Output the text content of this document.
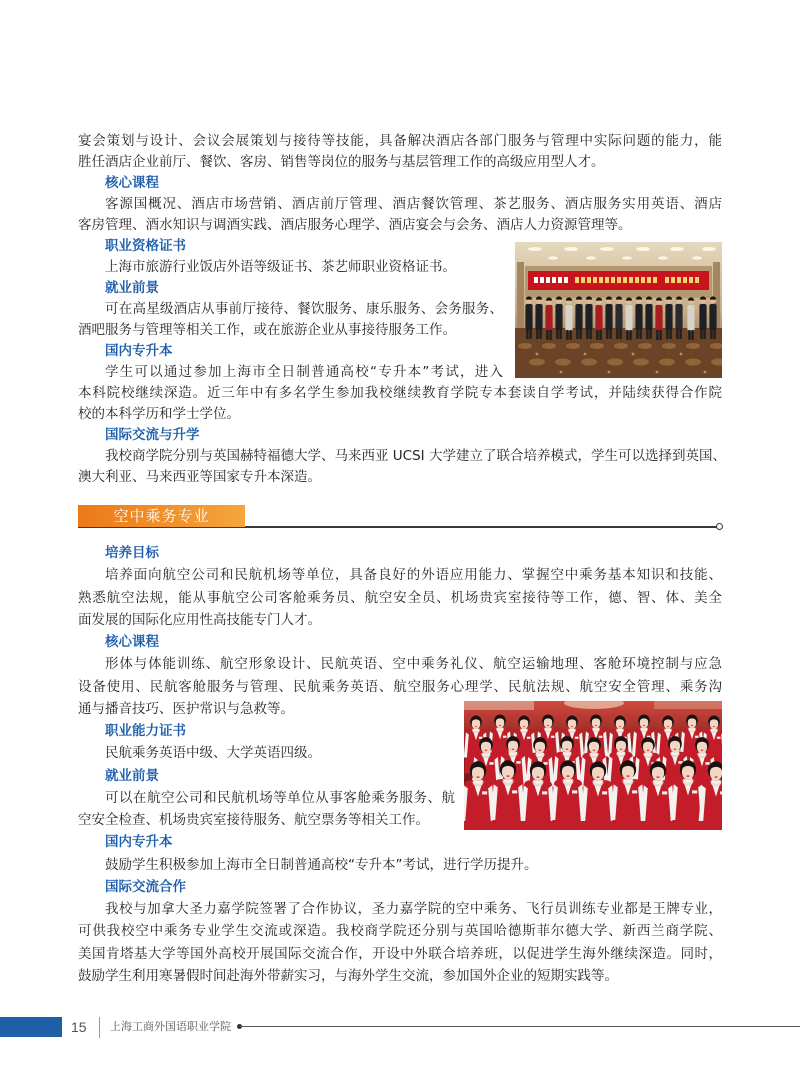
宴会策划与设计、会议会展策划与接待等技能，具备解决酒店各部门服务与管理中实际问题的能力，能
胜任酒店企业前厅、餐饮、客房、销售等岗位的服务与基层管理工作的高级应用型人才。
核心课程
客源国概况、酒店市场营销、酒店前厅管理、酒店餐饮管理、茶艺服务、酒店服务实用英语、酒店
客房管理、酒水知识与调酒实践、酒店服务心理学、酒店宴会与会务、酒店人力资源管理等。
职业资格证书
上海市旅游行业饭店外语等级证书、茶艺师职业资格证书。
就业前景
可在高星级酒店从事前厅接待、餐饮服务、康乐服务、会务服务、
酒吧服务与管理等相关工作，或在旅游企业从事接待服务工作。
国内专升本
学生可以通过参加上海市全日制普通高校“专升本”考试，进入
本科院校继续深造。近三年中有多名学生参加我校继续教育学院专本套读自学考试，并陆续获得合作院
校的本科学历和学士学位。
国际交流与升学
我校商学院分别与英国赫特福德大学、马来西亚 UCSI 大学建立了联合培养模式，学生可以选择到英国、
澳大利亚、马来西亚等国家专升本深造。
空中乘务专业
培养目标
培养面向航空公司和民航机场等单位，具备良好的外语应用能力、掌握空中乘务基本知识和技能、
熟悉航空法规，能从事航空公司客舱乘务员、航空安全员、机场贵宾室接待等工作，德、智、体、美全
面发展的国际化应用性高技能专门人才。
核心课程
形体与体能训练、航空形象设计、民航英语、空中乘务礼仪、航空运输地理、客舱环境控制与应急
设备使用、民航客舱服务与管理、民航乘务英语、航空服务心理学、民航法规、航空安全管理、乘务沟
通与播音技巧、医护常识与急救等。
职业能力证书
民航乘务英语中级、大学英语四级。
就业前景
可以在航空公司和民航机场等单位从事客舱乘务服务、航
空安全检查、机场贵宾室接待服务、航空票务等相关工作。
国内专升本
鼓励学生积极参加上海市全日制普通高校“专升本”考试，进行学历提升。
国际交流合作
我校与加拿大圣力嘉学院签署了合作协议，圣力嘉学院的空中乘务、飞行员训练专业都是王牌专业，
可供我校空中乘务专业学生交流或深造。我校商学院还分别与英国哈德斯菲尔德大学、新西兰商学院、
美国肯塔基大学等国外高校开展国际交流合作，开设中外联合培养班，以促进学生海外继续深造。同时，
鼓励学生利用寒暑假时间赴海外带薪实习，与海外学生交流，参加国外企业的短期实践等。
15 上海工商外国语职业学院
